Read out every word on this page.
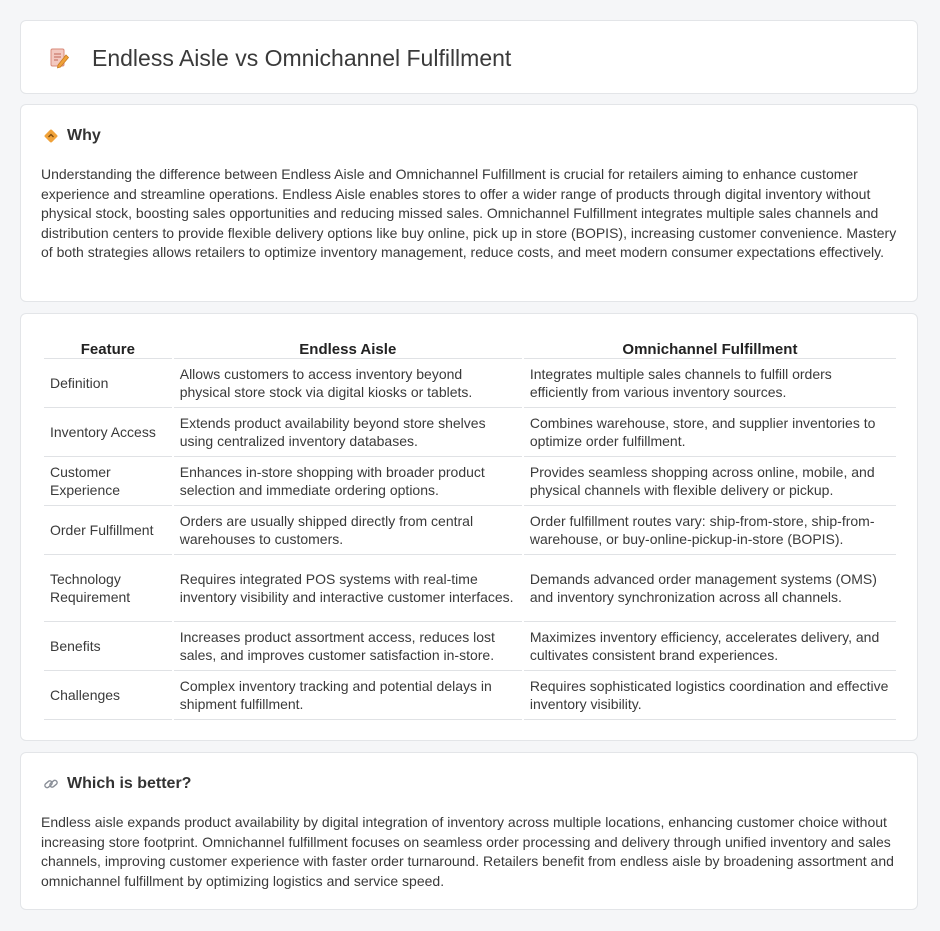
Endless Aisle vs Omnichannel Fulfillment
Why

Understanding the difference between Endless Aisle and Omnichannel Fulfillment is crucial for retailers aiming to enhance customer experience and streamline operations. Endless Aisle enables stores to offer a wider range of products through digital inventory without physical stock, boosting sales opportunities and reducing missed sales. Omnichannel Fulfillment integrates multiple sales channels and distribution centers to provide flexible delivery options like buy online, pick up in store (BOPIS), increasing customer convenience. Mastery of both strategies allows retailers to optimize inventory management, reduce costs, and meet modern consumer expectations effectively.

Feature	Endless Aisle	Omnichannel Fulfillment
Definition	Allows customers to access inventory beyond physical store stock via digital kiosks or tablets.	Integrates multiple sales channels to fulfill orders efficiently from various inventory sources.
Inventory Access	Extends product availability beyond store shelves using centralized inventory databases.	Combines warehouse, store, and supplier inventories to optimize order fulfillment.
Customer Experience	Enhances in-store shopping with broader product selection and immediate ordering options.	Provides seamless shopping across online, mobile, and physical channels with flexible delivery or pickup.
Order Fulfillment	Orders are usually shipped directly from central warehouses to customers.	Order fulfillment routes vary: ship-from-store, ship-from-warehouse, or buy-online-pickup-in-store (BOPIS).
Technology Requirement	Requires integrated POS systems with real-time inventory visibility and interactive customer interfaces.	Demands advanced order management systems (OMS) and inventory synchronization across all channels.
Benefits	Increases product assortment access, reduces lost sales, and improves customer satisfaction in-store.	Maximizes inventory efficiency, accelerates delivery, and cultivates consistent brand experiences.
Challenges	Complex inventory tracking and potential delays in shipment fulfillment.	Requires sophisticated logistics coordination and effective inventory visibility.
Which is better?

Endless aisle expands product availability by digital integration of inventory across multiple locations, enhancing customer choice without increasing store footprint. Omnichannel fulfillment focuses on seamless order processing and delivery through unified inventory and sales channels, improving customer experience with faster order turnaround. Retailers benefit from endless aisle by broadening assortment and omnichannel fulfillment by optimizing logistics and service speed.
